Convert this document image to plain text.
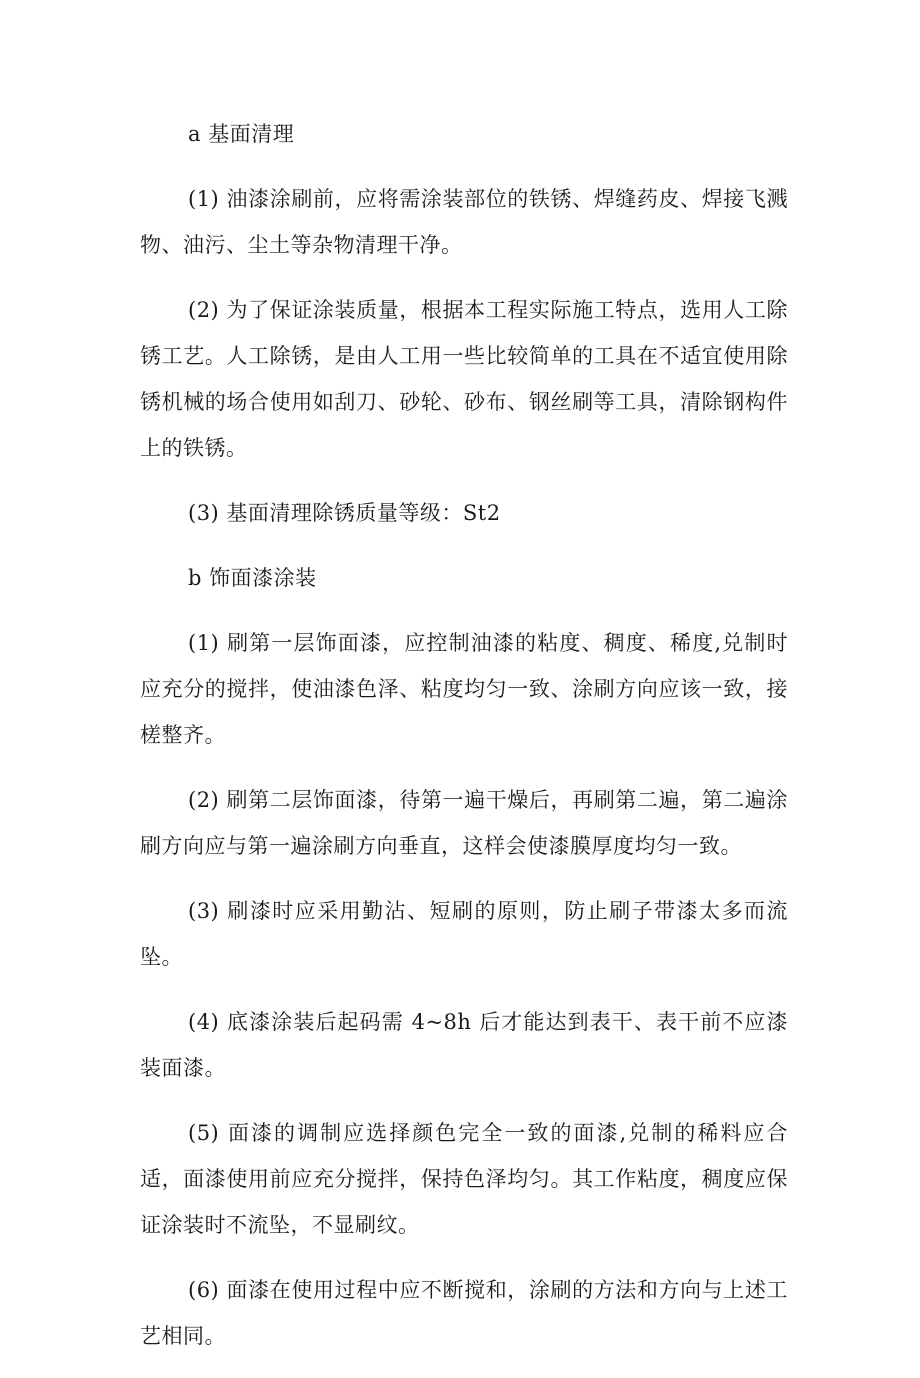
a 基面清理

(1) 油漆涂刷前，应将需涂装部位的铁锈、焊缝药皮、焊接飞溅物、油污、尘土等杂物清理干净。

(2) 为了保证涂装质量，根据本工程实际施工特点，选用人工除锈工艺。人工除锈，是由人工用一些比较简单的工具在不适宜使用除锈机械的场合使用如刮刀、砂轮、砂布、钢丝刷等工具，清除钢构件上的铁锈。

(3) 基面清理除锈质量等级：St2

b 饰面漆涂装

(1) 刷第一层饰面漆，应控制油漆的粘度、稠度、稀度,兑制时应充分的搅拌，使油漆色泽、粘度均匀一致、涂刷方向应该一致，接槎整齐。

(2) 刷第二层饰面漆，待第一遍干燥后，再刷第二遍，第二遍涂刷方向应与第一遍涂刷方向垂直，这样会使漆膜厚度均匀一致。

(3) 刷漆时应采用勤沾、短刷的原则，防止刷子带漆太多而流坠。

(4) 底漆涂装后起码需 4~8h 后才能达到表干、表干前不应漆装面漆。

(5) 面漆的调制应选择颜色完全一致的面漆,兑制的稀料应合适，面漆使用前应充分搅拌，保持色泽均匀。其工作粘度，稠度应保证涂装时不流坠，不显刷纹。

(6) 面漆在使用过程中应不断搅和，涂刷的方法和方向与上述工艺相同。
